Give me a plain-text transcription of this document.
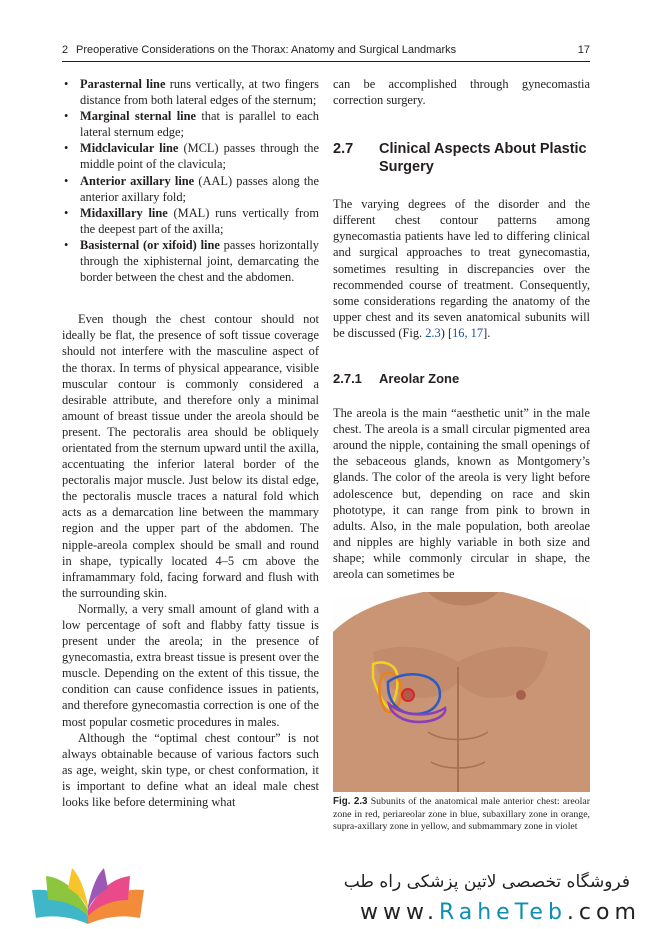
2 Preoperative Considerations on the Thorax: Anatomy and Surgical Landmarks	17
• Parasternal line runs vertically, at two fingers distance from both lateral edges of the sternum;
• Marginal sternal line that is parallel to each lateral sternum edge;
• Midclavicular line (MCL) passes through the middle point of the clavicula;
• Anterior axillary line (AAL) passes along the anterior axillary fold;
• Midaxillary line (MAL) runs vertically from the deepest part of the axilla;
• Basisternal (or xifoid) line passes horizontally through the xiphisternal joint, demarcating the border between the chest and the abdomen.

Even though the chest contour should not ideally be flat, the presence of soft tissue coverage should not interfere with the masculine aspect of the thorax. In terms of physical appearance, visible muscular contour is commonly considered a desirable attribute, and therefore only a minimal amount of breast tissue under the areola should be present. The pectoralis area should be obliquely orientated from the sternum upward until the axilla, accentuating the inferior lateral border of the pectoralis major muscle. Just below its distal edge, the pectoralis muscle traces a natural fold which acts as a demarcation line between the mammary region and the upper part of the abdomen. The nipple-areola complex should be small and round in shape, typically located 4–5 cm above the inframammary fold, facing forward and flush with the surrounding skin.

Normally, a very small amount of gland with a low percentage of soft and flabby fatty tissue is present under the areola; in the presence of gynecomastia, extra breast tissue is present over the muscle. Depending on the extent of this tissue, the condition can cause confidence issues in patients, and therefore gynecomastia correction is one of the most popular cosmetic procedures in males.

Although the “optimal chest contour” is not always obtainable because of various factors such as age, weight, skin type, or chest conformation, it is important to define what an ideal male chest looks like before determining what

can be accomplished through gynecomastia correction surgery.

2.7 Clinical Aspects About Plastic Surgery

The varying degrees of the disorder and the different chest contour patterns among gynecomastia patients have led to differing clinical and surgical approaches to treat gynecomastia, sometimes resulting in discrepancies over the recommended course of treatment. Consequently, some considerations regarding the anatomy of the upper chest and its seven anatomical subunits will be discussed (Fig. 2.3) [16, 17].

2.7.1 Areolar Zone

The areola is the main “aesthetic unit” in the male chest. The areola is a small circular pigmented area around the nipple, containing the small openings of the sebaceous glands, known as Montgomery’s glands. The color of the areola is very light before adolescence but, depending on race and skin phototype, it can range from pink to brown in adults. Also, in the male population, both areolae and nipples are highly variable in both size and shape; while commonly circular in shape, the areola can sometimes be

Fig. 2.3 Subunits of the anatomical male anterior chest: areolar zone in red, periareolar zone in blue, subaxillary zone in orange, supra-axillary zone in yellow, and submammary zone in violet
فروشگاه تخصصی لاتین پزشکی راه طب
www.RaheTeb.com
